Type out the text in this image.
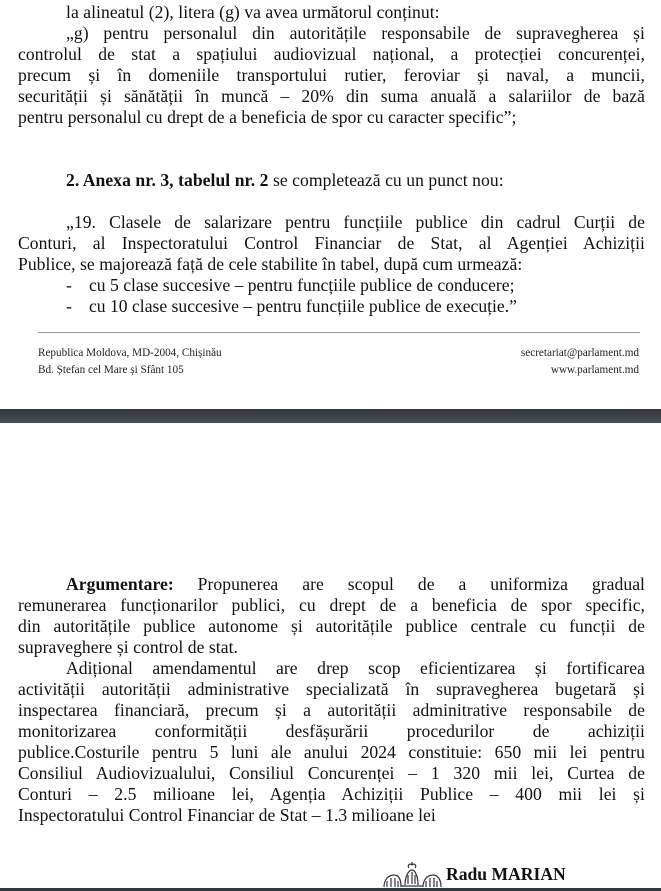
la alineatul (2), litera (g) va avea următorul conținut:

„g) pentru personalul din autoritățile responsabile de supravegherea și
controlul de stat a spațiului audiovizual național, a protecției concurenței,
precum și în domeniile transportului rutier, feroviar și naval, a muncii,
securității și sănătății în muncă – 20% din suma anuală a salariilor de bază
pentru personalul cu drept de a beneficia de spor cu caracter specific”;

2. Anexa nr. 3, tabelul nr. 2 se completează cu un punct nou:

„19. Clasele de salarizare pentru funcțiile publice din cadrul Curții de
Conturi, al Inspectoratului Control Financiar de Stat, al Agenției Achiziții
Publice, se majorează față de cele stabilite în tabel, după cum urmează:

- cu 5 clase succesive – pentru funcțiile publice de conducere;
- cu 10 clase succesive – pentru funcțiile publice de execuție.”
Republica Moldova, MD-2004, Chișinău
Bd. Ștefan cel Mare și Sfânt 105
secretariat@parlament.md
www.parlament.md

Argumentare: Propunerea are scopul de a uniformiza gradual
remunerarea funcționarilor publici, cu drept de a beneficia de spor specific,
din autoritățile publice autonome și autoritățile publice centrale cu funcții de
supraveghere și control de stat.

Adițional amendamentul are drep scop eficientizarea și fortificarea
activității autorității administrative specializată în supravegherea bugetară și
inspectarea financiară, precum și a autorității adminitrative responsabile de
monitorizarea conformității desfășurării procedurilor de achiziții
publice.Costurile pentru 5 luni ale anului 2024 constituie: 650 mii lei pentru
Consiliul Audiovizualului, Consiliul Concurenței – 1 320 mii lei, Curtea de
Conturi – 2.5 milioane lei, Agenția Achiziții Publice – 400 mii lei și
Inspectoratului Control Financiar de Stat – 1.3 milioane lei

Radu MARIAN
